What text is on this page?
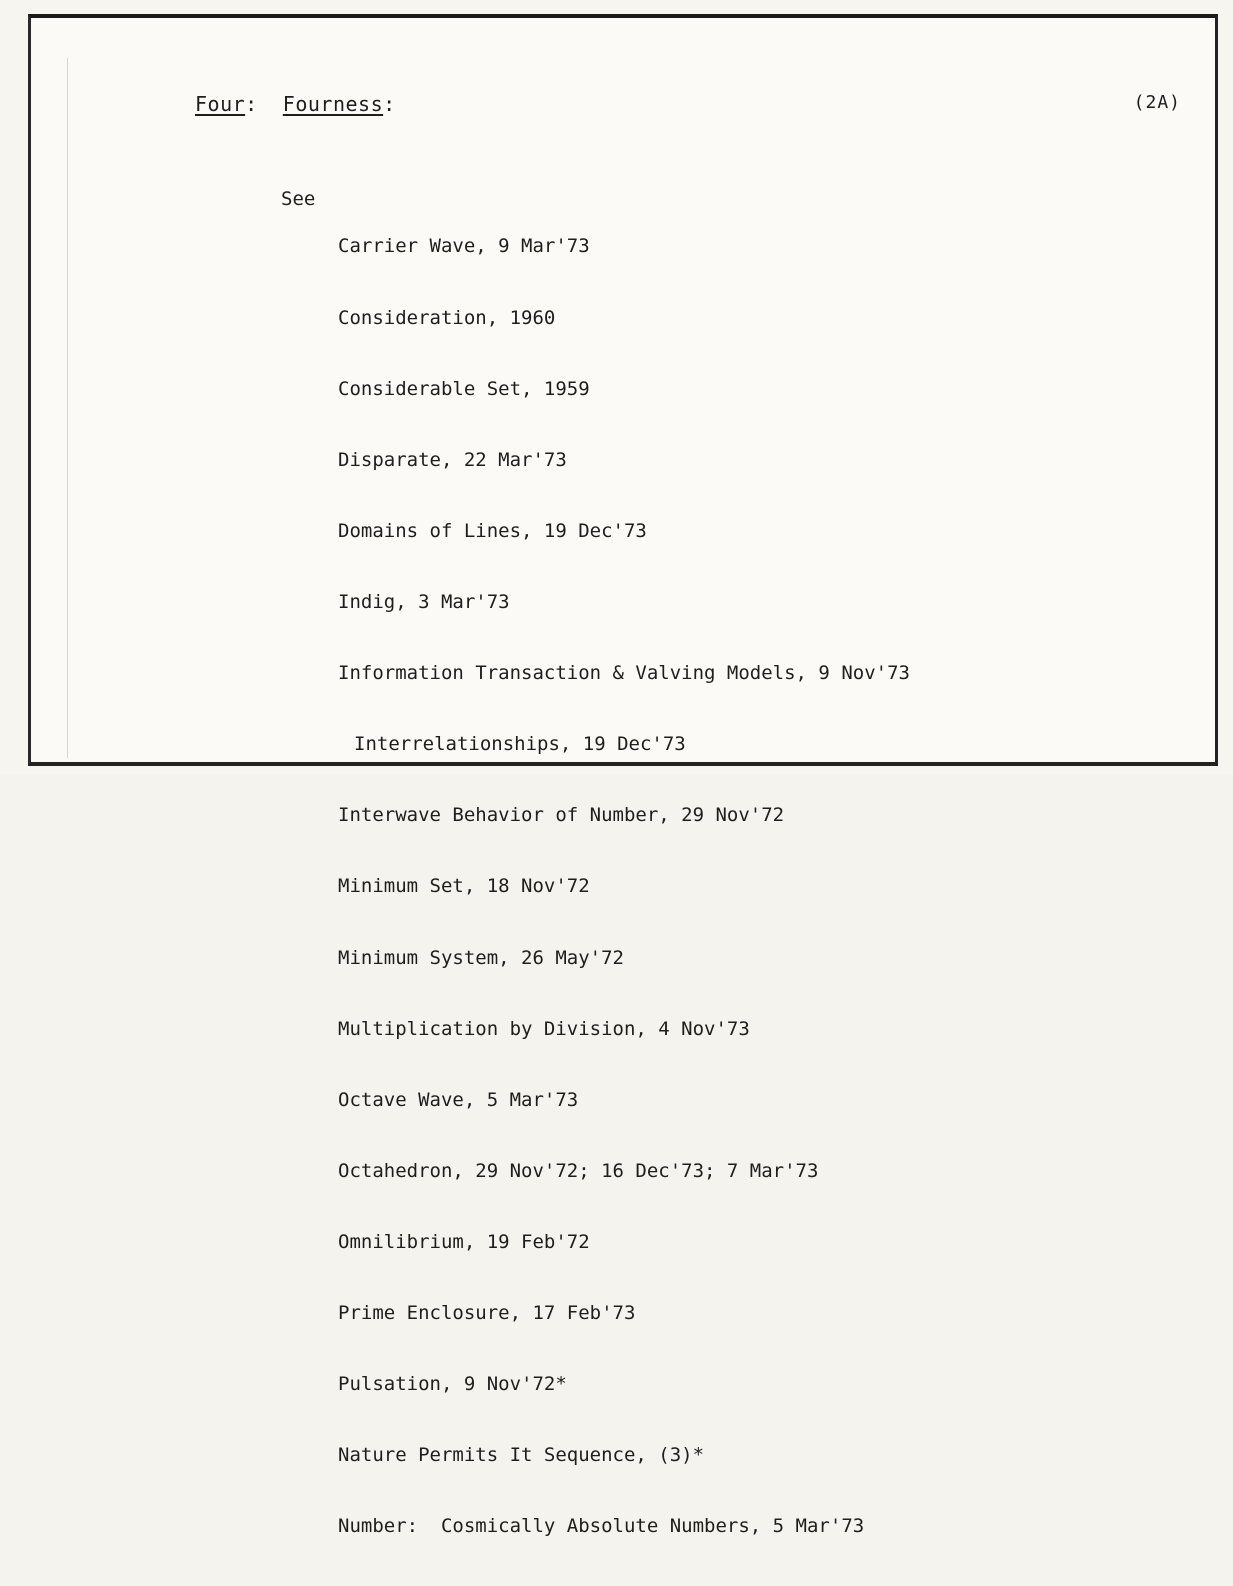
Four:  Fourness:	(2A)
See

Carrier Wave, 9 Mar'73

Consideration, 1960

Considerable Set, 1959

Disparate, 22 Mar'73

Domains of Lines, 19 Dec'73

Indig, 3 Mar'73

Information Transaction & Valving Models, 9 Nov'73

Interrelationships, 19 Dec'73

Interwave Behavior of Number, 29 Nov'72

Minimum Set, 18 Nov'72

Minimum System, 26 May'72

Multiplication by Division, 4 Nov'73

Octave Wave, 5 Mar'73

Octahedron, 29 Nov'72; 16 Dec'73; 7 Mar'73

Omnilibrium, 19 Feb'72

Prime Enclosure, 17 Feb'73

Pulsation, 9 Nov'72*

Nature Permits It Sequence, (3)*

Number:  Cosmically Absolute Numbers, 5 Mar'73
